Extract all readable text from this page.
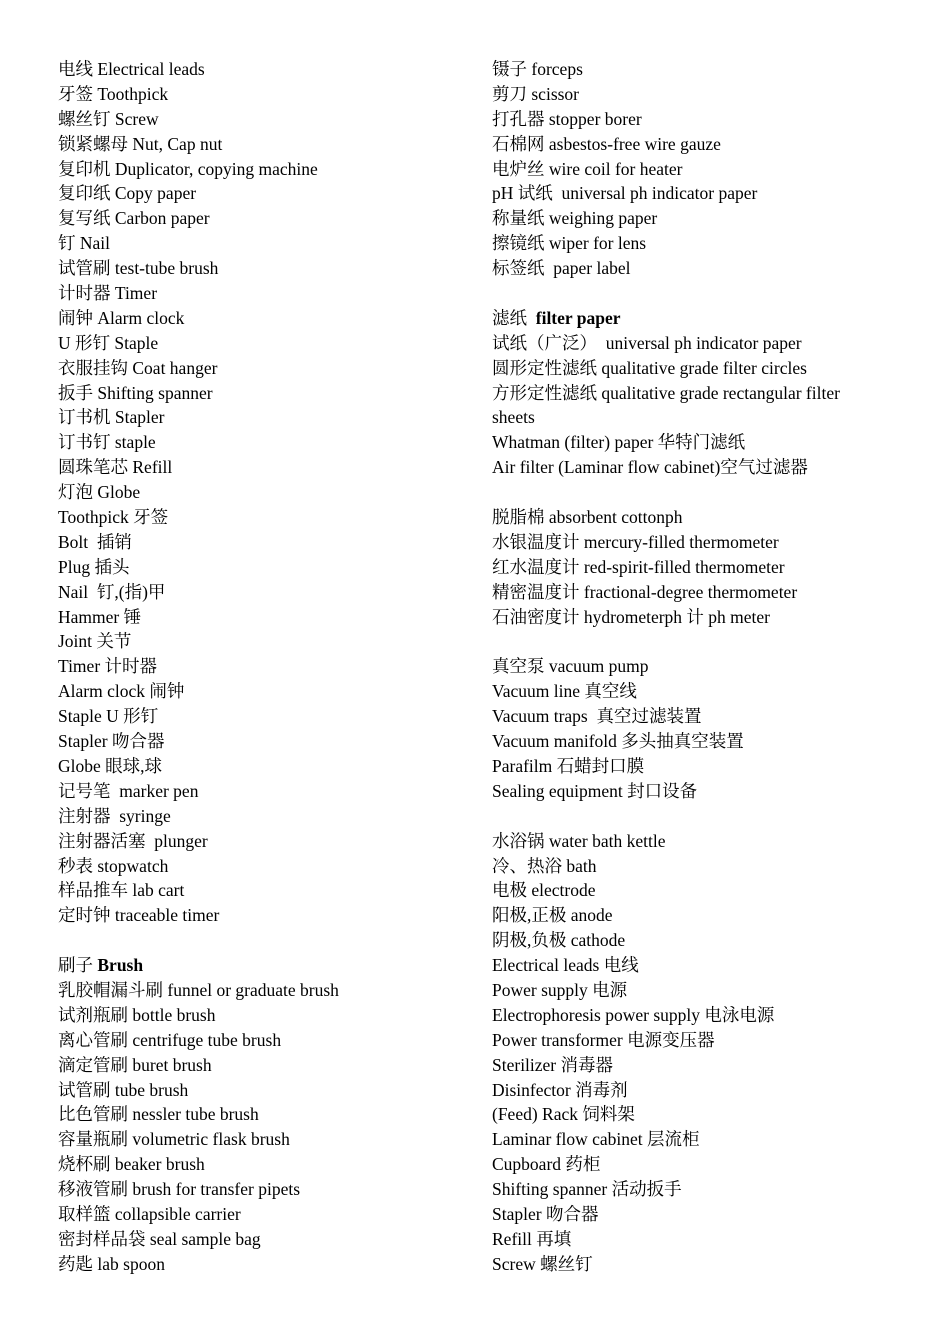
电线 Electrical leads
牙签 Toothpick
螺丝钉 Screw
锁紧螺母 Nut, Cap nut
复印机 Duplicator, copying machine
复印纸 Copy paper
复写纸 Carbon paper
钉 Nail
试管刷 test-tube brush
计时器 Timer
闹钟 Alarm clock
U 形钉 Staple
衣服挂钩 Coat hanger
扳手 Shifting spanner
订书机 Stapler
订书钉 staple
圆珠笔芯 Refill
灯泡 Globe
Toothpick 牙签
Bolt  插销
Plug 插头
Nail  钉,(指)甲
Hammer 锤
Joint 关节
Timer 计时器
Alarm clock 闹钟
Staple U 形钉
Stapler 吻合器
Globe 眼球,球
记号笔  marker pen
注射器  syringe
注射器活塞  plunger
秒表 stopwatch
样品推车 lab cart
定时钟 traceable timer
刷子 Brush
乳胶帽漏斗刷 funnel or graduate brush
试剂瓶刷 bottle brush
离心管刷 centrifuge tube brush
滴定管刷 buret brush
试管刷 tube brush
比色管刷 nessler tube brush
容量瓶刷 volumetric flask brush
烧杯刷 beaker brush
移液管刷 brush for transfer pipets
取样篮 collapsible carrier
密封样品袋 seal sample bag
药匙 lab spoon
镊子 forceps
剪刀 scissor
打孔器 stopper borer
石棉网 asbestos-free wire gauze
电炉丝 wire coil for heater
pH 试纸  universal ph indicator paper
称量纸 weighing paper
擦镜纸 wiper for lens
标签纸  paper label
滤纸  filter paper
试纸（广泛）  universal ph indicator paper
圆形定性滤纸 qualitative grade filter circles
方形定性滤纸 qualitative grade rectangular filter
sheets
Whatman (filter) paper 华特门滤纸
Air filter (Laminar flow cabinet)空气过滤器
脱脂棉 absorbent cottonph
水银温度计 mercury-filled thermometer
红水温度计 red-spirit-filled thermometer
精密温度计 fractional-degree thermometer
石油密度计 hydrometerph 计 ph meter
真空泵 vacuum pump
Vacuum line 真空线
Vacuum traps  真空过滤装置
Vacuum manifold 多头抽真空装置
Parafilm 石蜡封口膜
Sealing equipment 封口设备
水浴锅 water bath kettle
冷、热浴 bath
电极 electrode
阳极,正极 anode
阴极,负极 cathode
Electrical leads 电线
Power supply 电源
Electrophoresis power supply 电泳电源
Power transformer 电源变压器
Sterilizer 消毒器
Disinfector 消毒剂
(Feed) Rack 饲料架
Laminar flow cabinet 层流柜
Cupboard 药柜
Shifting spanner 活动扳手
Stapler 吻合器
Refill 再填
Screw 螺丝钉
